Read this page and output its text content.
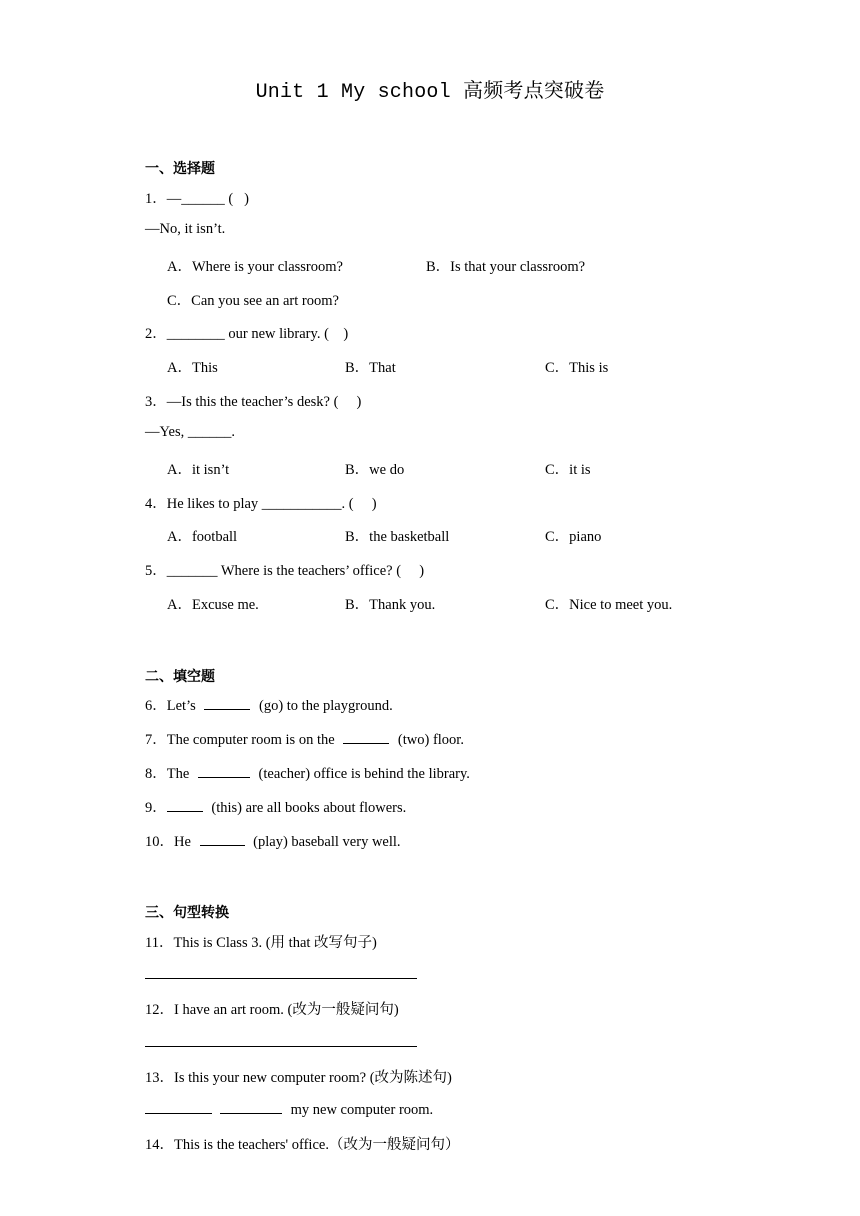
Unit 1 My school 高频考点突破卷
一、选择题
1．—______ (   )
—No, it isn’t.
A．Where is your classroom?	B．Is that your classroom?
C．Can you see an art room?
2．________ our new library. (    )
A．This	B．That	C．This is
3．—Is this the teacher’s desk? (     )
—Yes, ______.
A．it isn’t	B．we do	C．it is
4．He likes to play ___________. (     )
A．football	B．the basketball	C．piano
5．_______ Where is the teachers’ office? (     )
A．Excuse me.	B．Thank you.	C．Nice to meet you.
二、填空题
6．Let’s	(go) to the playground.
7．The computer room is on the	(two) floor.
8．The	(teacher) office is behind the library.
9．	(this) are all books about flowers.
10．He	(play) baseball very well.
三、句型转换
11．This is Class 3. (用 that 改写句子)
12．I have an art room. (改为一般疑问句)
13．Is this your new computer room? (改为陈述句)
my new computer room.
14．This is the teachers' office.（改为一般疑问句）
